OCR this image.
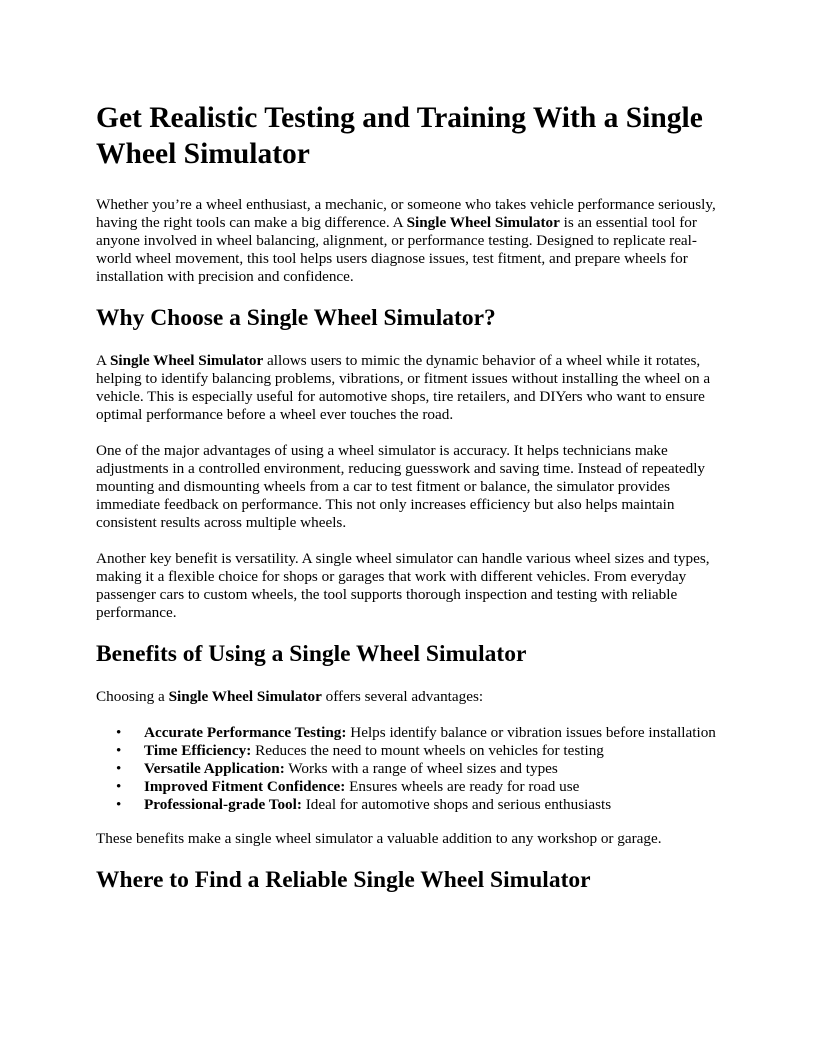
Get Realistic Testing and Training With a Single Wheel Simulator

Whether you’re a wheel enthusiast, a mechanic, or someone who takes vehicle performance seriously, having the right tools can make a big difference. A Single Wheel Simulator is an essential tool for anyone involved in wheel balancing, alignment, or performance testing. Designed to replicate real-world wheel movement, this tool helps users diagnose issues, test fitment, and prepare wheels for installation with precision and confidence.

Why Choose a Single Wheel Simulator?

A Single Wheel Simulator allows users to mimic the dynamic behavior of a wheel while it rotates, helping to identify balancing problems, vibrations, or fitment issues without installing the wheel on a vehicle. This is especially useful for automotive shops, tire retailers, and DIYers who want to ensure optimal performance before a wheel ever touches the road.

One of the major advantages of using a wheel simulator is accuracy. It helps technicians make adjustments in a controlled environment, reducing guesswork and saving time. Instead of repeatedly mounting and dismounting wheels from a car to test fitment or balance, the simulator provides immediate feedback on performance. This not only increases efficiency but also helps maintain consistent results across multiple wheels.

Another key benefit is versatility. A single wheel simulator can handle various wheel sizes and types, making it a flexible choice for shops or garages that work with different vehicles. From everyday passenger cars to custom wheels, the tool supports thorough inspection and testing with reliable performance.

Benefits of Using a Single Wheel Simulator

Choosing a Single Wheel Simulator offers several advantages:

• Accurate Performance Testing: Helps identify balance or vibration issues before installation
• Time Efficiency: Reduces the need to mount wheels on vehicles for testing
• Versatile Application: Works with a range of wheel sizes and types
• Improved Fitment Confidence: Ensures wheels are ready for road use
• Professional-grade Tool: Ideal for automotive shops and serious enthusiasts

These benefits make a single wheel simulator a valuable addition to any workshop or garage.

Where to Find a Reliable Single Wheel Simulator
